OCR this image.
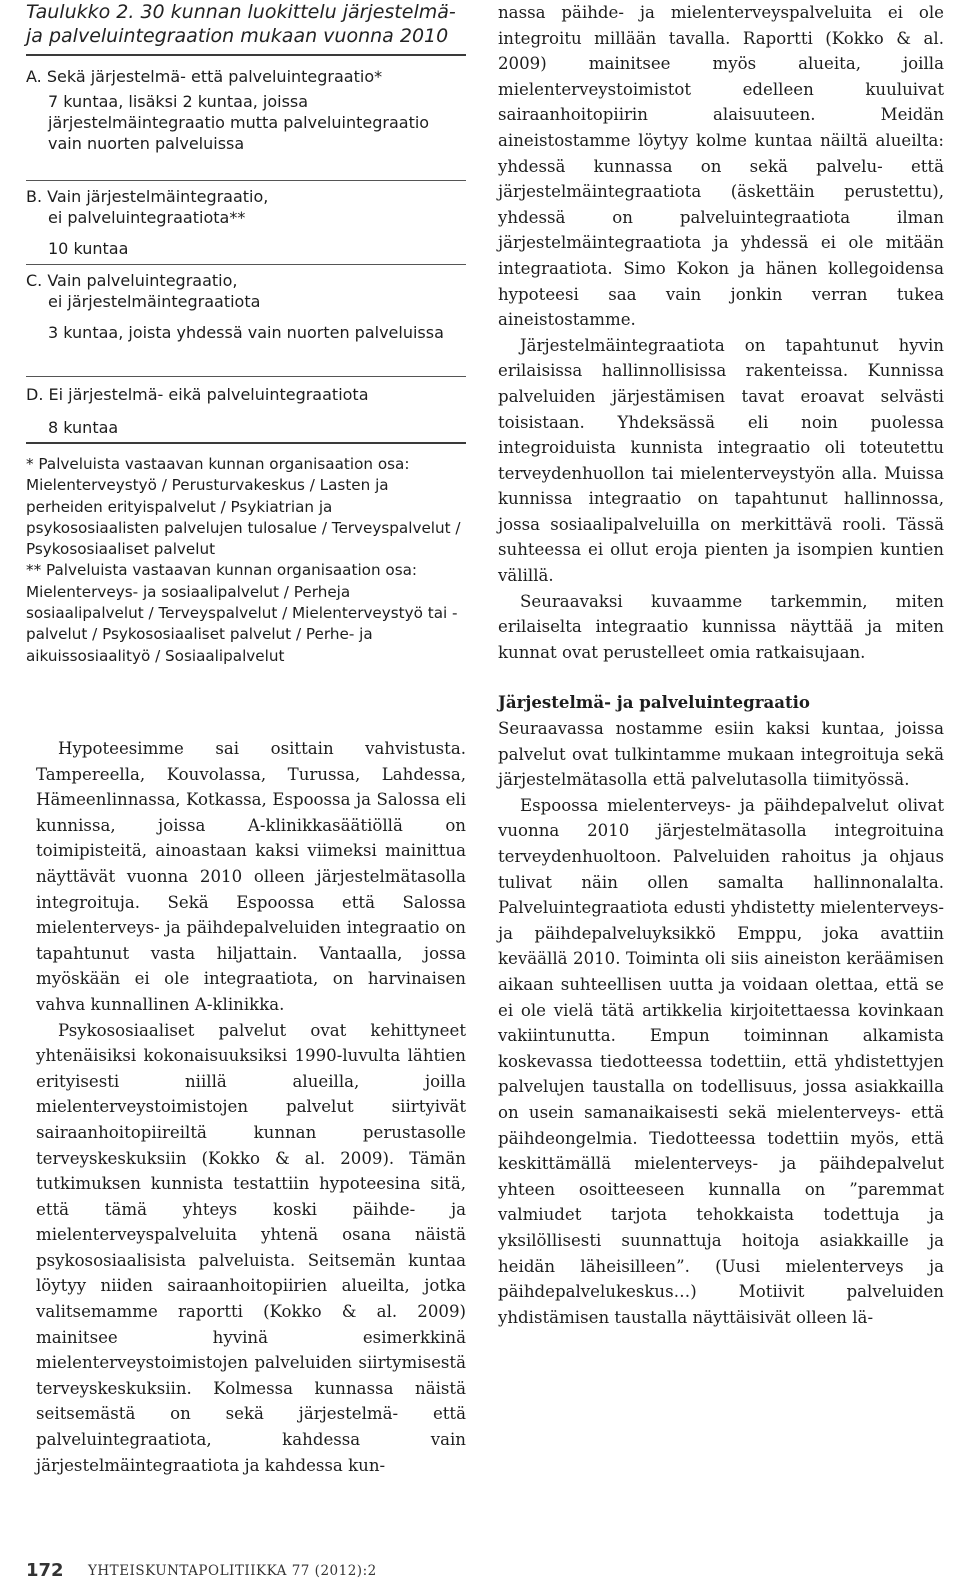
Taulukko 2. 30 kunnan luokittelu järjestelmä- ja palveluintegraation mukaan vuonna 2010

A. Sekä järjestelmä- että palveluintegraatio*
7 kuntaa, lisäksi 2 kuntaa, joissa järjestelmäintegraatio mutta palveluintegraatio vain nuorten palveluissa
B. Vain järjestelmäintegraatio,
ei palveluintegraatiota**
10 kuntaa
C. Vain palveluintegraatio,
ei järjestelmäintegraatiota
3 kuntaa, joista yhdessä vain nuorten palveluissa
D. Ei järjestelmä- eikä palveluintegraatiota
8 kuntaa
* Palveluista vastaavan kunnan organisaation osa: Mielenterveystyö / Perusturvakeskus / Lasten ja perheiden erityispalvelut / Psykiatrian ja psykososiaalisten palvelujen tulosalue / Terveyspalvelut / Psykososiaaliset palvelut
** Palveluista vastaavan kunnan organisaation osa: Mielenterveys- ja sosiaalipalvelut / Perheja sosiaalipalvelut / Terveyspalvelut / Mielenterveystyö tai -palvelut / Psykososiaaliset palvelut / Perhe- ja aikuissosiaalityö / Sosiaalipalvelut

Hypoteesimme sai osittain vahvistusta. Tampereella, Kouvolassa, Turussa, Lahdessa, Hämeenlinnassa, Kotkassa, Espoossa ja Salossa eli kunnissa, joissa A-klinikkasäätiöllä on toimipisteitä, ainoastaan kaksi viimeksi mainittua näyttävät vuonna 2010 olleen järjestelmätasolla integroituja. Sekä Espoossa että Salossa mielenterveys- ja päihdepalveluiden integraatio on tapahtunut vasta hiljattain. Vantaalla, jossa myöskään ei ole integraatiota, on harvinaisen vahva kunnallinen A-klinikka.

Psykososiaaliset palvelut ovat kehittyneet yhtenäisiksi kokonaisuuksiksi 1990-luvulta lähtien erityisesti niillä alueilla, joilla mielenterveystoimistojen palvelut siirtyivät sairaanhoitopiireiltä kunnan perustasolle terveyskeskuksiin (Kokko & al. 2009). Tämän tutkimuksen kunnista testattiin hypoteesina sitä, että tämä yhteys koski päihde- ja mielenterveyspalveluita yhtenä osana näistä psykososiaalisista palveluista. Seitsemän kuntaa löytyy niiden sairaanhoitopiirien alueilta, jotka valitsemamme raportti (Kokko & al. 2009) mainitsee hyvinä esimerkkinä mielenterveystoimistojen palveluiden siirtymisestä terveyskeskuksiin. Kolmessa kunnassa näistä seitsemästä on sekä järjestelmä- että palveluintegraatiota, kahdessa vain järjestelmäintegraatiota ja kahdessa kun-

172 YHTEISKUNTAPOLITIIKKA 77 (2012):2

nassa päihde- ja mielenterveyspalveluita ei ole integroitu millään tavalla. Raportti (Kokko & al. 2009) mainitsee myös alueita, joilla mielenterveystoimistot edelleen kuuluivat sairaanhoitopiirin alaisuuteen. Meidän aineistostamme löytyy kolme kuntaa näiltä alueilta: yhdessä kunnassa on sekä palvelu- että järjestelmäintegraatiota (äskettäin perustettu), yhdessä on palveluintegraatiota ilman järjestelmäintegraatiota ja yhdessä ei ole mitään integraatiota. Simo Kokon ja hänen kollegoidensa hypoteesi saa vain jonkin verran tukea aineistostamme.

Järjestelmäintegraatiota on tapahtunut hyvin erilaisissa hallinnollisissa rakenteissa. Kunnissa palveluiden järjestämisen tavat eroavat selvästi toisistaan. Yhdeksässä eli noin puolessa integroiduista kunnista integraatio oli toteutettu terveydenhuollon tai mielenterveystyön alla. Muissa kunnissa integraatio on tapahtunut hallinnossa, jossa sosiaalipalveluilla on merkittävä rooli. Tässä suhteessa ei ollut eroja pienten ja isompien kuntien välillä.

Seuraavaksi kuvaamme tarkemmin, miten erilaiselta integraatio kunnissa näyttää ja miten kunnat ovat perustelleet omia ratkaisujaan.

Järjestelmä- ja palveluintegraatio

Seuraavassa nostamme esiin kaksi kuntaa, joissa palvelut ovat tulkintamme mukaan integroituja sekä järjestelmätasolla että palvelutasolla tiimityössä.

Espoossa mielenterveys- ja päihdepalvelut olivat vuonna 2010 järjestelmätasolla integroituina terveydenhuoltoon. Palveluiden rahoitus ja ohjaus tulivat näin ollen samalta hallinnonalalta. Palveluintegraatiota edusti yhdistetty mielenterveys- ja päihdepalveluyksikkö Emppu, joka avattiin keväällä 2010. Toiminta oli siis aineiston keräämisen aikaan suhteellisen uutta ja voidaan olettaa, että se ei ole vielä tätä artikkelia kirjoitettaessa kovinkaan vakiintunutta. Empun toiminnan alkamista koskevassa tiedotteessa todettiin, että yhdistettyjen palvelujen taustalla on todellisuus, jossa asiakkailla on usein samanaikaisesti sekä mielenterveys- että päihdeongelmia. Tiedotteessa todettiin myös, että keskittämällä mielenterveys- ja päihdepalvelut yhteen osoitteeseen kunnalla on ”paremmat valmiudet tarjota tehokkaista todettuja ja yksilöllisesti suunnattuja hoitoja asiakkaille ja heidän läheisilleen”. (Uusi mielenterveys ja päihdepalvelukeskus…) Motiivit palveluiden yhdistämisen taustalla näyttäisivät olleen lä-
